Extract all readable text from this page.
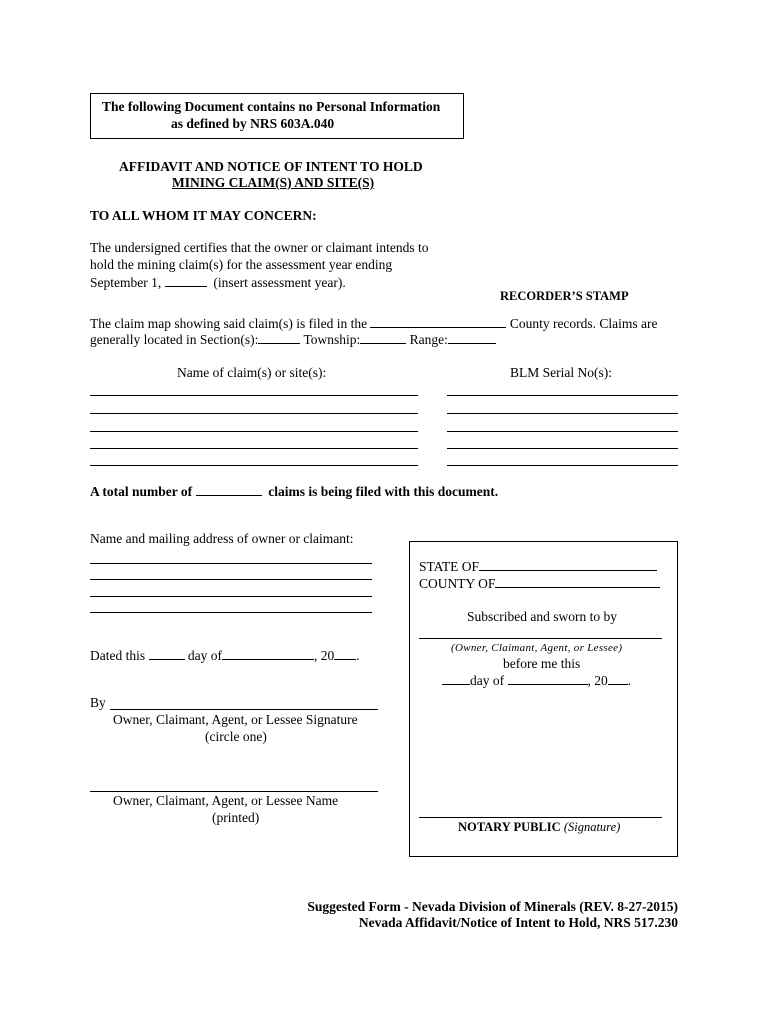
The following Document contains no Personal Information
as defined by NRS 603A.040
AFFIDAVIT AND NOTICE OF INTENT TO HOLD
MINING CLAIM(S) AND SITE(S)
TO ALL WHOM IT MAY CONCERN:
The undersigned certifies that the owner or claimant intends to
hold the mining claim(s) for the assessment year ending
September 1,	(insert assessment year).
RECORDER’S STAMP
The claim map showing said claim(s) is filed in the	County records. Claims are
generally located in Section(s):	Township:	Range:
Name of claim(s) or site(s):	BLM Serial No(s):
A total number of	claims is being filed with this document.
Name and mailing address of owner or claimant:
Dated this	day of	, 20 .
By
Owner, Claimant, Agent, or Lessee Signature
(circle one)
Owner, Claimant, Agent, or Lessee Name
(printed)
STATE OF
COUNTY OF
Subscribed and sworn to by
(Owner, Claimant, Agent, or Lessee)
before me this
day of	, 20 .
NOTARY PUBLIC (Signature)
Suggested Form - Nevada Division of Minerals (REV. 8-27-2015)
Nevada Affidavit/Notice of Intent to Hold, NRS 517.230
